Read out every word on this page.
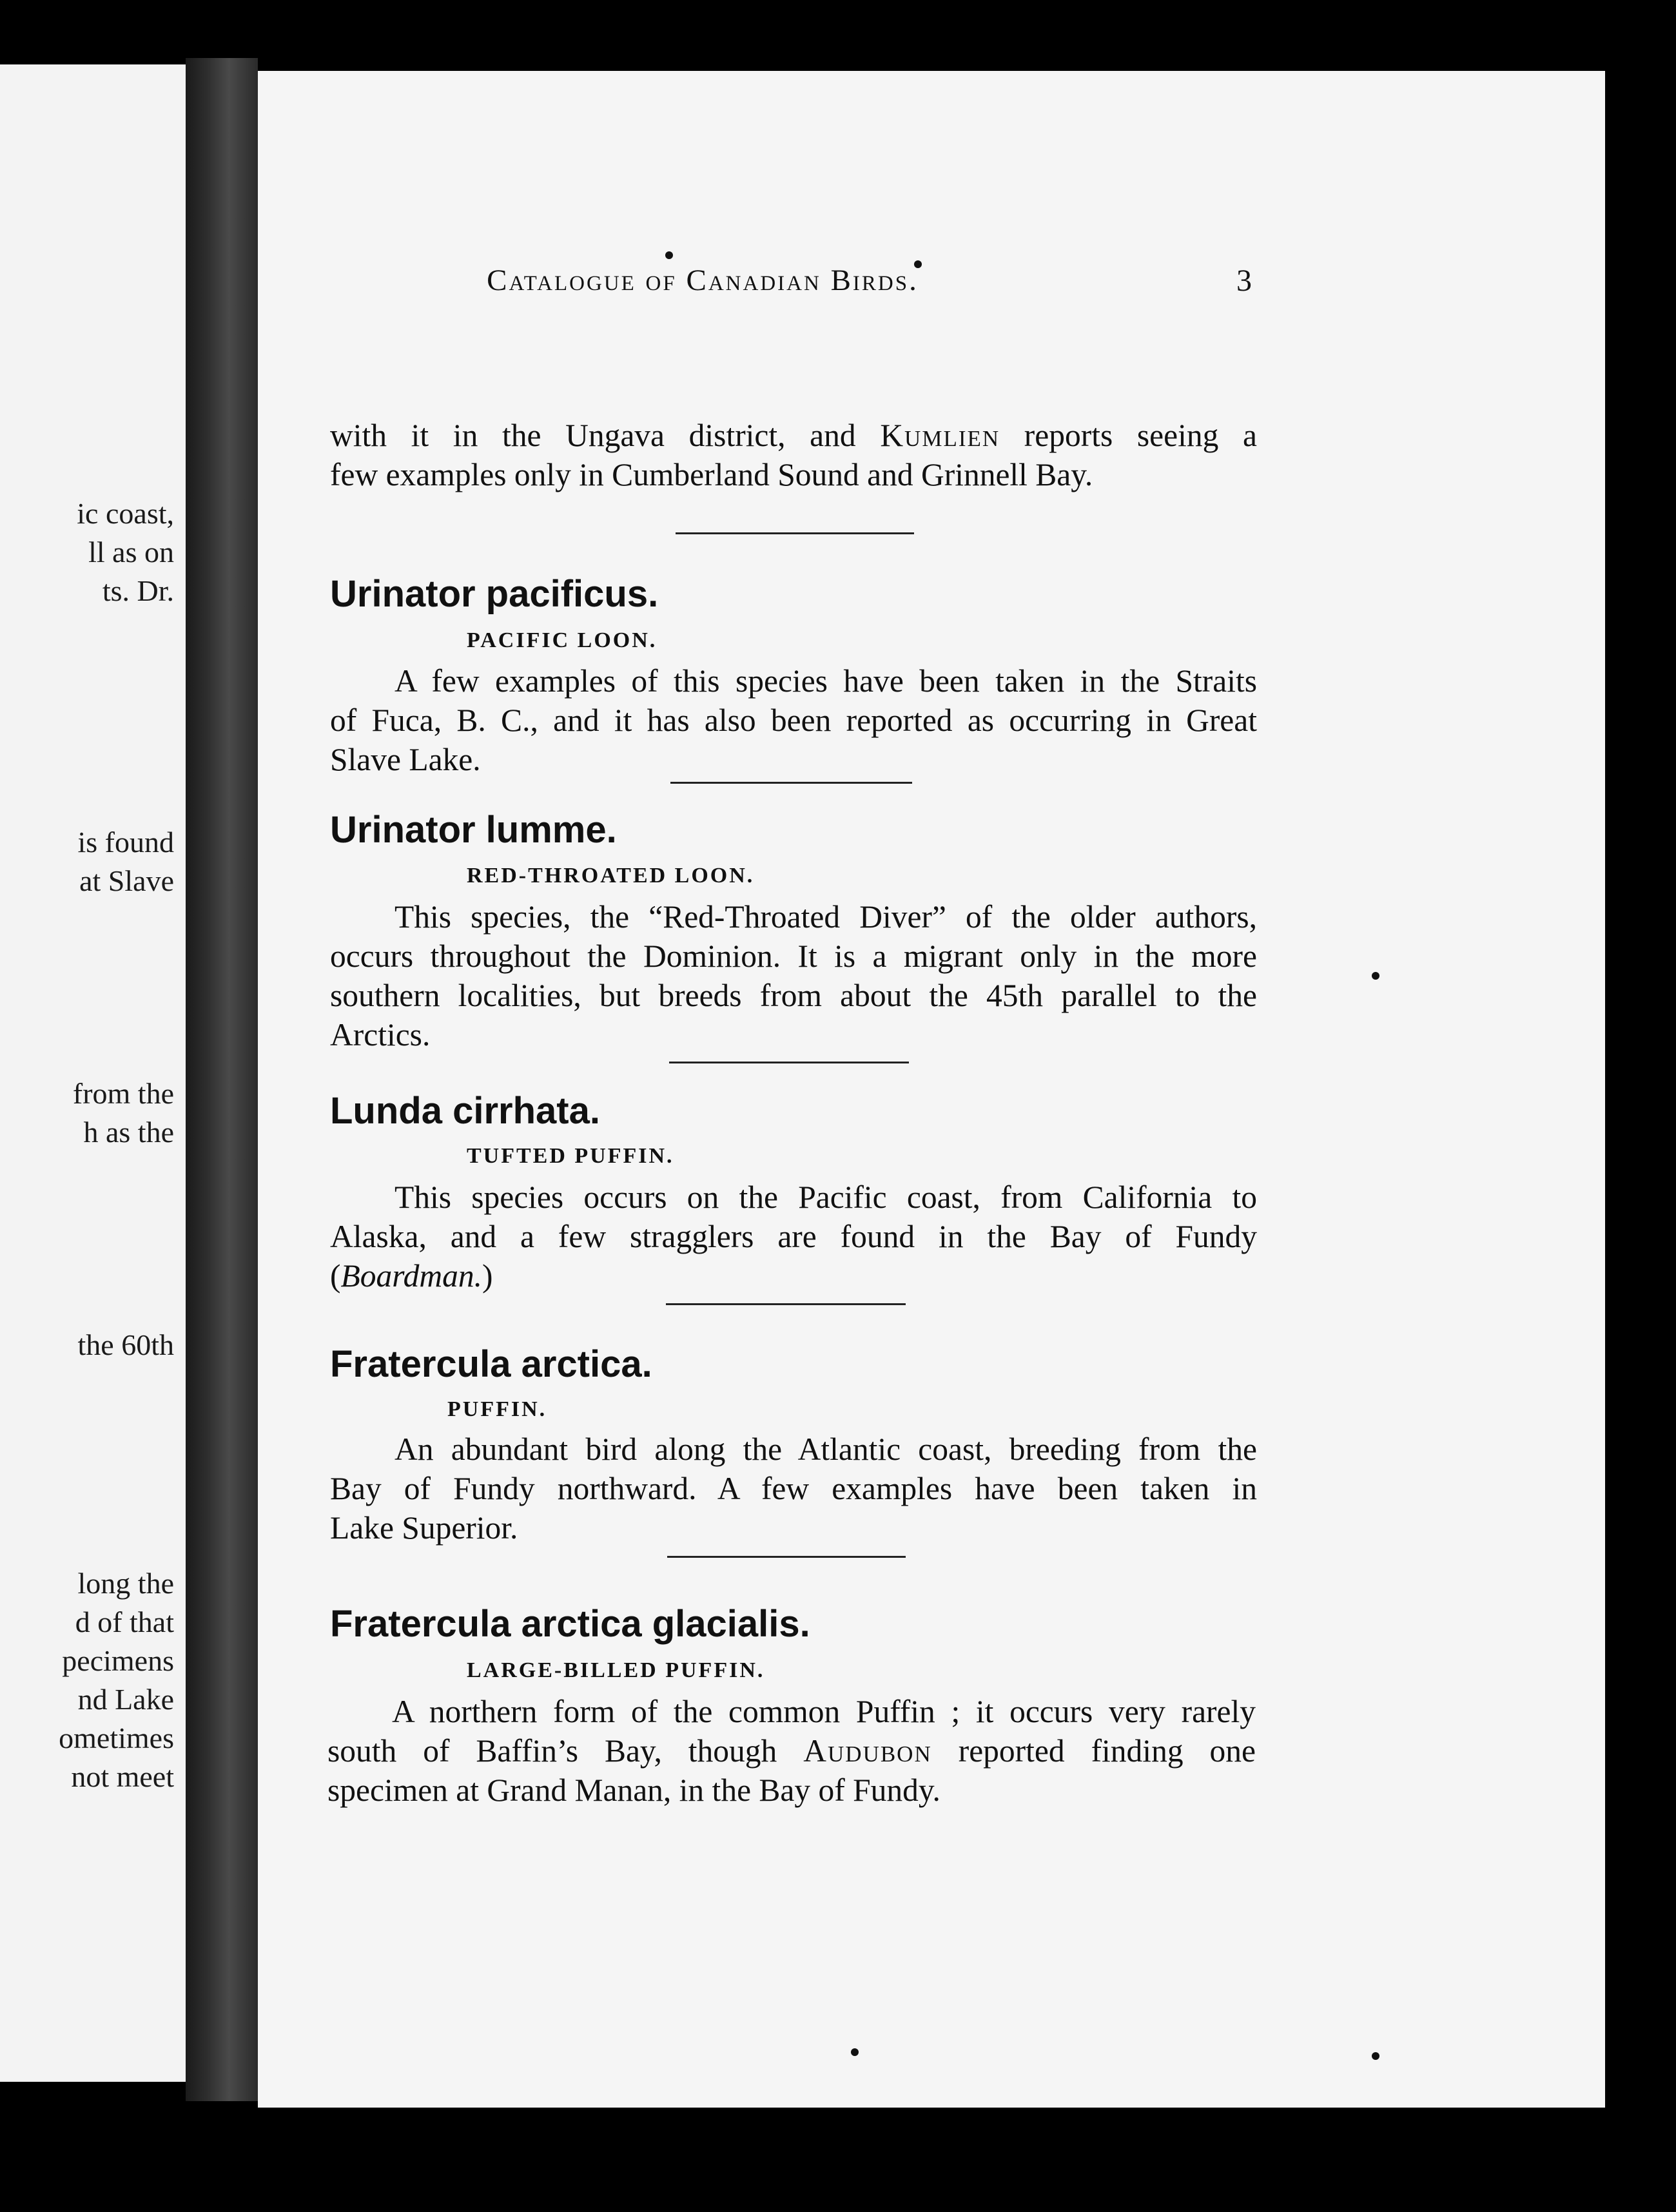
ic coast,
ll as on
ts. Dr.
is found
at Slave
from the
h as the
the 60th
long the
d of that
pecimens
nd Lake
ometimes
not meet
Catalogue of Canadian Birds.	3

with it in the Ungava district, and Kumlien reports seeing a
few examples only in Cumberland Sound and Grinnell Bay.

Urinator pacificus.
PACIFIC LOON.

A few examples of this species have been taken in the Straits
of Fuca, B. C., and it has also been reported as occurring in Great
Slave Lake.

Urinator lumme.
RED-THROATED LOON.

This species, the “Red-Throated Diver” of the older authors,
occurs throughout the Dominion. It is a migrant only in the more
southern localities, but breeds from about the 45th parallel to the
Arctics.

Lunda cirrhata.
TUFTED PUFFIN.

This species occurs on the Pacific coast, from California to
Alaska, and a few stragglers are found in the Bay of Fundy
(Boardman.)

Fratercula arctica.
PUFFIN.

An abundant bird along the Atlantic coast, breeding from the
Bay of Fundy northward. A few examples have been taken in
Lake Superior.

Fratercula arctica glacialis.
LARGE-BILLED PUFFIN.

A northern form of the common Puffin ; it occurs very rarely
south of Baffin’s Bay, though Audubon reported finding one
specimen at Grand Manan, in the Bay of Fundy.
